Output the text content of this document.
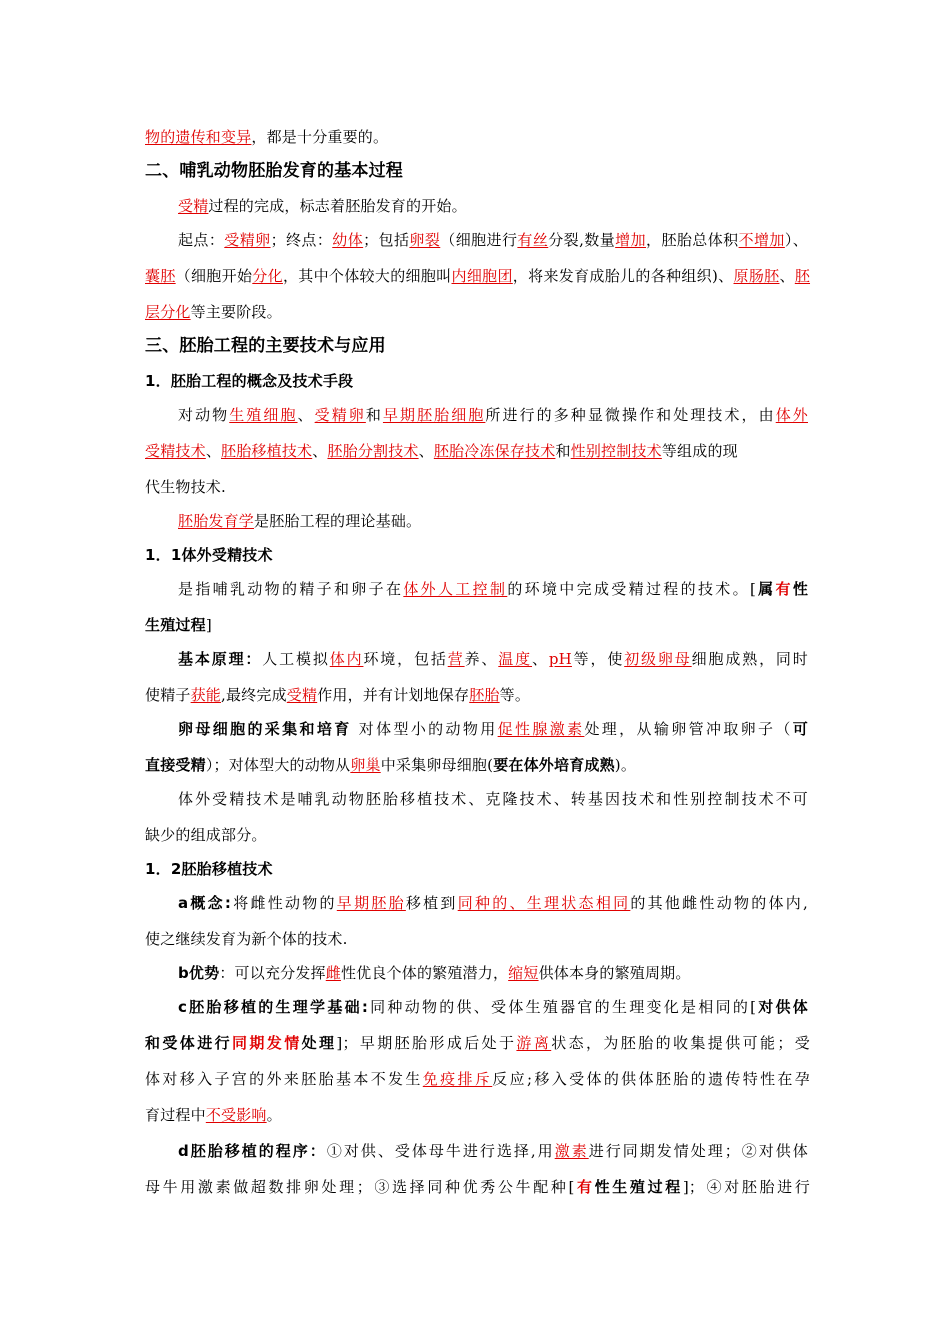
物的遗传和变异，都是十分重要的。
二、哺乳动物胚胎发育的基本过程
受精过程的完成，标志着胚胎发育的开始。
起点：受精卵；终点：幼体；包括卵裂（细胞进行有丝分裂,数量增加，胚胎总体积不增加）、
囊胚（细胞开始分化，其中个体较大的细胞叫内细胞团，将来发育成胎儿的各种组织)、原肠胚、胚
层分化等主要阶段。
三、胚胎工程的主要技术与应用
1．胚胎工程的概念及技术手段
对动物生殖细胞、受精卵和早期胚胎细胞所进行的多种显微操作和处理技术，由体外
受精技术、胚胎移植技术、胚胎分割技术、胚胎冷冻保存技术和性别控制技术等组成的现
代生物技术.
胚胎发育学是胚胎工程的理论基础。
1．1体外受精技术
是指哺乳动物的精子和卵子在体外人工控制的环境中完成受精过程的技术。[属有性
生殖过程]
基本原理：人工模拟体内环境，包括营养、温度、pH等，使初级卵母细胞成熟，同时
使精子获能,最终完成受精作用，并有计划地保存胚胎等。
卵母细胞的采集和培育 对体型小的动物用促性腺激素处理，从输卵管冲取卵子（可
直接受精）；对体型大的动物从卵巢中采集卵母细胞(要在体外培育成熟)。
体外受精技术是哺乳动物胚胎移植技术、克隆技术、转基因技术和性别控制技术不可
缺少的组成部分。
1．2胚胎移植技术
a概念:将雌性动物的早期胚胎移植到同种的、生理状态相同的其他雌性动物的体内,
使之继续发育为新个体的技术.
b优势：可以充分发挥雌性优良个体的繁殖潜力，缩短供体本身的繁殖周期。
c胚胎移植的生理学基础:同种动物的供、受体生殖器官的生理变化是相同的[对供体
和受体进行同期发情处理]；早期胚胎形成后处于游离状态，为胚胎的收集提供可能；受
体对移入子宫的外来胚胎基本不发生免疫排斥反应;移入受体的供体胚胎的遗传特性在孕
育过程中不受影响。
d胚胎移植的程序：①对供、受体母牛进行选择,用激素进行同期发情处理；②对供体
母牛用激素做超数排卵处理；③选择同种优秀公牛配种[有性生殖过程]；④对胚胎进行
